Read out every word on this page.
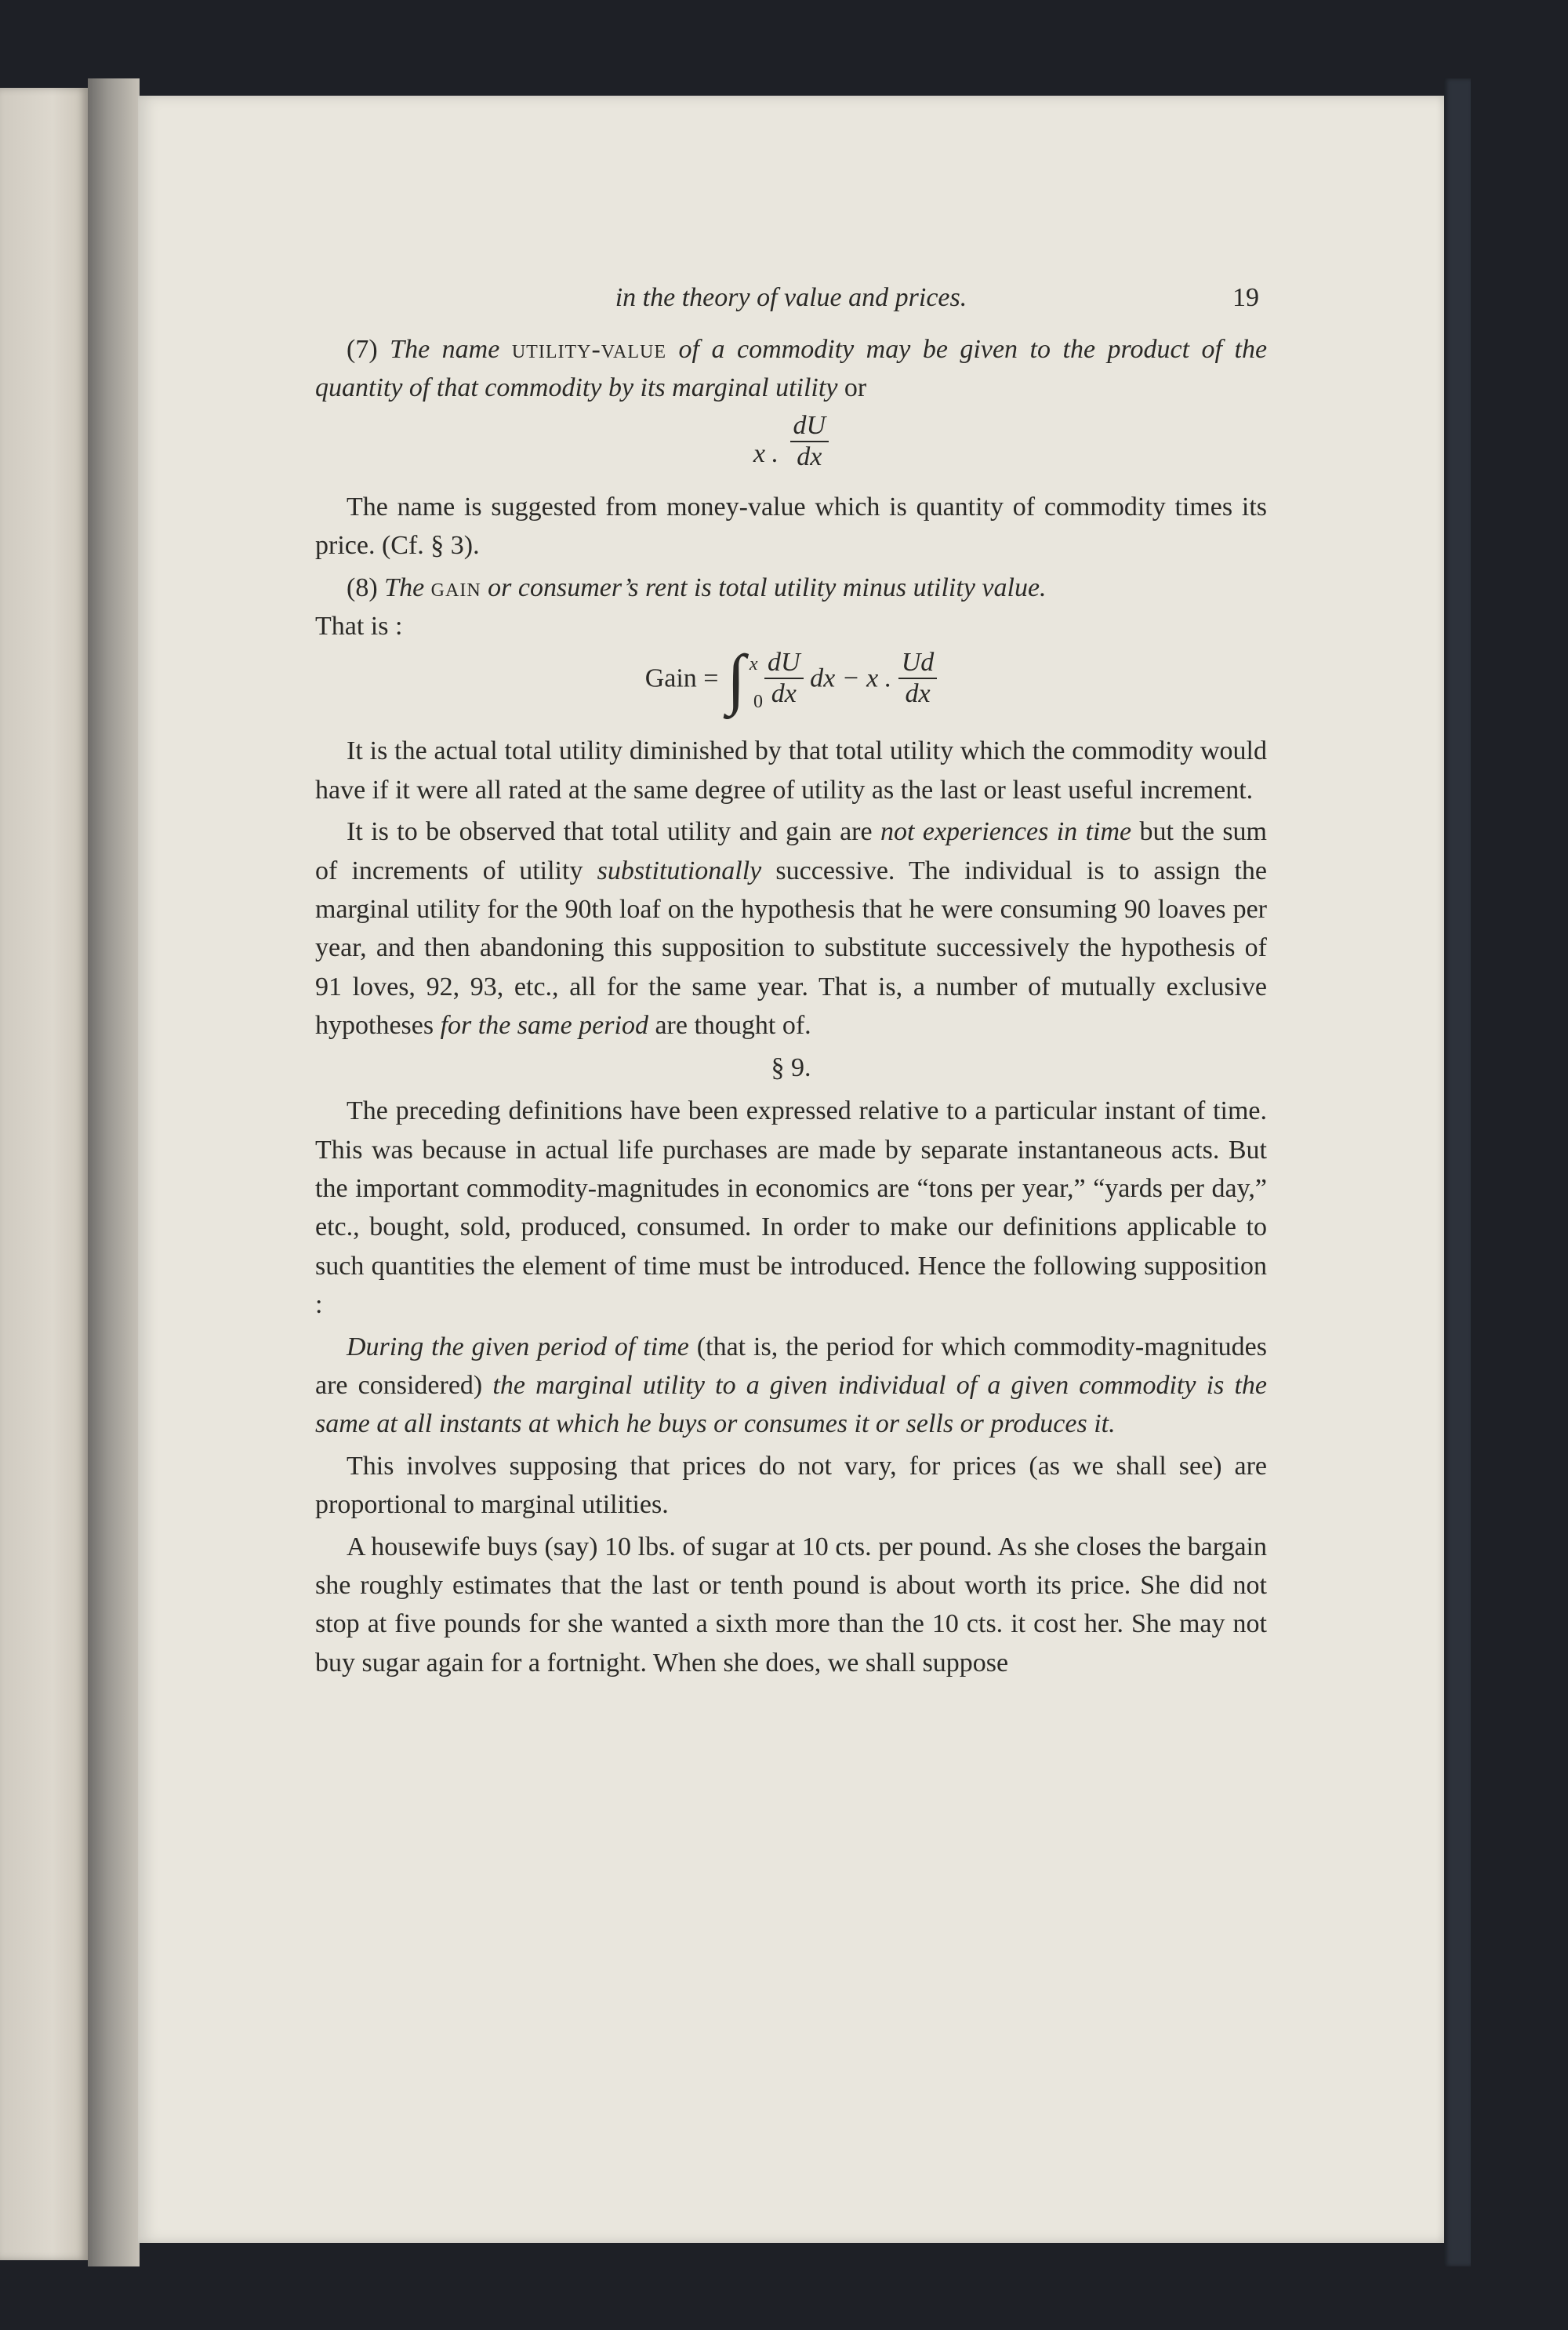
in the theory of value and prices.	19

(7) The name utility-value of a commodity may be given to the product of the quantity of that commodity by its marginal utility or

x . $\frac{dU}{dx}$

The name is suggested from money-value which is quantity of commodity times its price. (Cf. § 3).

(8) The gain or consumer’s rent is total utility minus utility value.

That is :

Gain = ∫ x
0
$\frac{dU}{dx}$ dx − x . $\frac{Ud}{dx}$

It is the actual total utility diminished by that total utility which the commodity would have if it were all rated at the same degree of utility as the last or least useful increment.

It is to be observed that total utility and gain are not experiences in time but the sum of increments of utility substitutionally successive. The individual is to assign the marginal utility for the 90th loaf on the hypothesis that he were consuming 90 loaves per year, and then abandoning this supposition to substitute successively the hypothesis of 91 loves, 92, 93, etc., all for the same year. That is, a number of mutually exclusive hypotheses for the same period are thought of.

§ 9.

The preceding definitions have been expressed relative to a particular instant of time. This was because in actual life purchases are made by separate instantaneous acts. But the important commodity-magnitudes in economics are “tons per year,” “yards per day,” etc., bought, sold, produced, consumed. In order to make our definitions applicable to such quantities the element of time must be introduced. Hence the following supposition :

During the given period of time (that is, the period for which commodity-magnitudes are considered) the marginal utility to a given individual of a given commodity is the same at all instants at which he buys or consumes it or sells or produces it.

This involves supposing that prices do not vary, for prices (as we shall see) are proportional to marginal utilities.

A housewife buys (say) 10 lbs. of sugar at 10 cts. per pound. As she closes the bargain she roughly estimates that the last or tenth pound is about worth its price. She did not stop at five pounds for she wanted a sixth more than the 10 cts. it cost her. She may not buy sugar again for a fortnight. When she does, we shall suppose
